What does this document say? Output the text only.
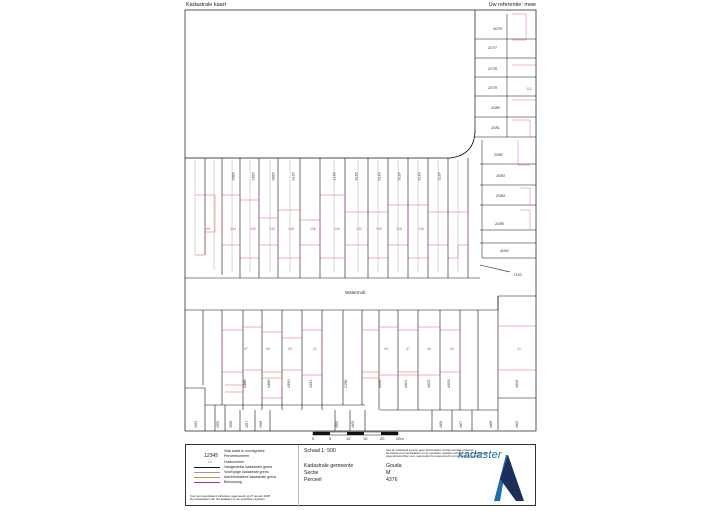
Kadastrale kaart	Uw referentie: mwe
2076
2077
2078
2079
2080
2081
2082
2083
2084
2085
4052
7153
112
Watermolt
4382	4381	4380	4379	4377	4376	4375	4374	4373	4372
146	144	142	140	138	136	134	132	130	128	126
57	55	53	51	49	47	45	43	41
4388	4389	4390	4391	2158	4400	4401	4402	4403	4404
4394	4395	4396	4397	4398	4399	4405	4406	4407	4408	4409
0	5	10	15	20	25m
Vlak kaart is noordgericht
12345 Perceelnummer
1a	Huisnummer
Vastgestelde kadastrale grens
Voorlopige kadastrale grens
Administratieve kadastrale grens
Bebouwing
Voor een eenduidend uittreksel, gegeneerd op 27 januari 2025
De toewaarden van het kadaster en de openbare registers
Schaal 1: 500
Kadastrale gemeente	Gouda
Sectie	M
Perceel	4376
Aan de uitsluitend kunnen geen betrouwbare rechten worden ontleend.
De Dienst voor het kadaster en de openbare registers behoudt zich de intellectuele
eigendomsrechten voor, waaronder het auteursrecht en het databankenrecht.
kadaster
